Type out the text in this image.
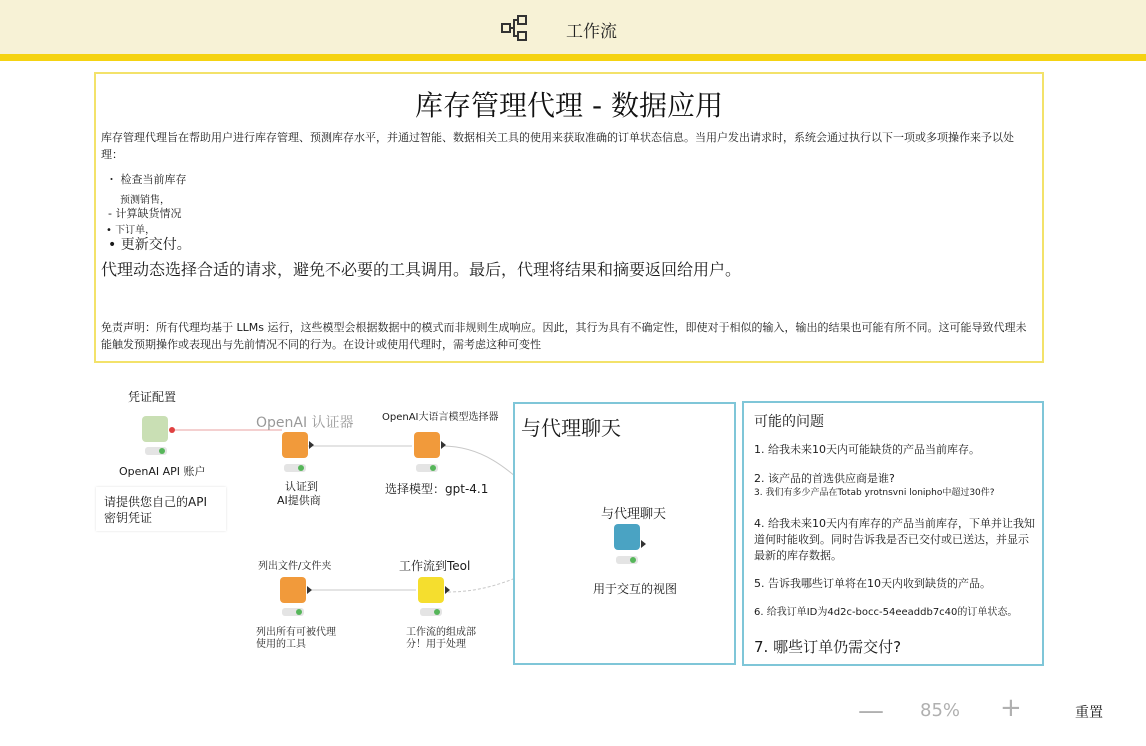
工作流
库存管理代理 - 数据应用
库存管理代理旨在帮助用户进行库存管理、预测库存水平，并通过智能、数据相关工具的使用来获取准确的订单状态信息。当用户发出请求时，系统会通过执行以下一项或多项操作来予以处理：
・ 检查当前库存
预测销售，
- 计算缺货情况
• 下订单，
• 更新交付。
代理动态选择合适的请求，避免不必要的工具调用。最后，代理将结果和摘要返回给用户。
免责声明：所有代理均基于 LLMs 运行，这些模型会根据数据中的模式而非规则生成响应。因此，其行为具有不确定性，即使对于相似的输入，输出的结果也可能有所不同。这可能导致代理未能触发预期操作或表现出与先前情况不同的行为。在设计或使用代理时，需考虑这种可变性
凭证配置
OpenAI API 账户
OpenAI 认证器
认证到
AI提供商
OpenAI大语言模型选择器
选择模型：gpt-4.1
请提供您自己的API
密钥凭证
列出文件/文件夹
列出所有可被代理
使用的工具
工作流到Teol
工作流的组成部
分！用于处理
与代理聊天
与代理聊天
用于交互的视图
可能的问题
1. 给我未来10天内可能缺货的产品当前库存。
2. 该产品的首选供应商是谁?
3. 我们有多少产品在Totab yrotnsvni lonipho中超过30件?
4. 给我未来10天内有库存的产品当前库存，下单并让我知道何时能收到。同时告诉我是否已交付或已送达，并显示最新的库存数据。
5. 告诉我哪些订单将在10天内收到缺货的产品。
6. 给我订单ID为4d2c-bocc-54eeaddb7c40的订单状态。
7. 哪些订单仍需交付?
— 85% +	重置
